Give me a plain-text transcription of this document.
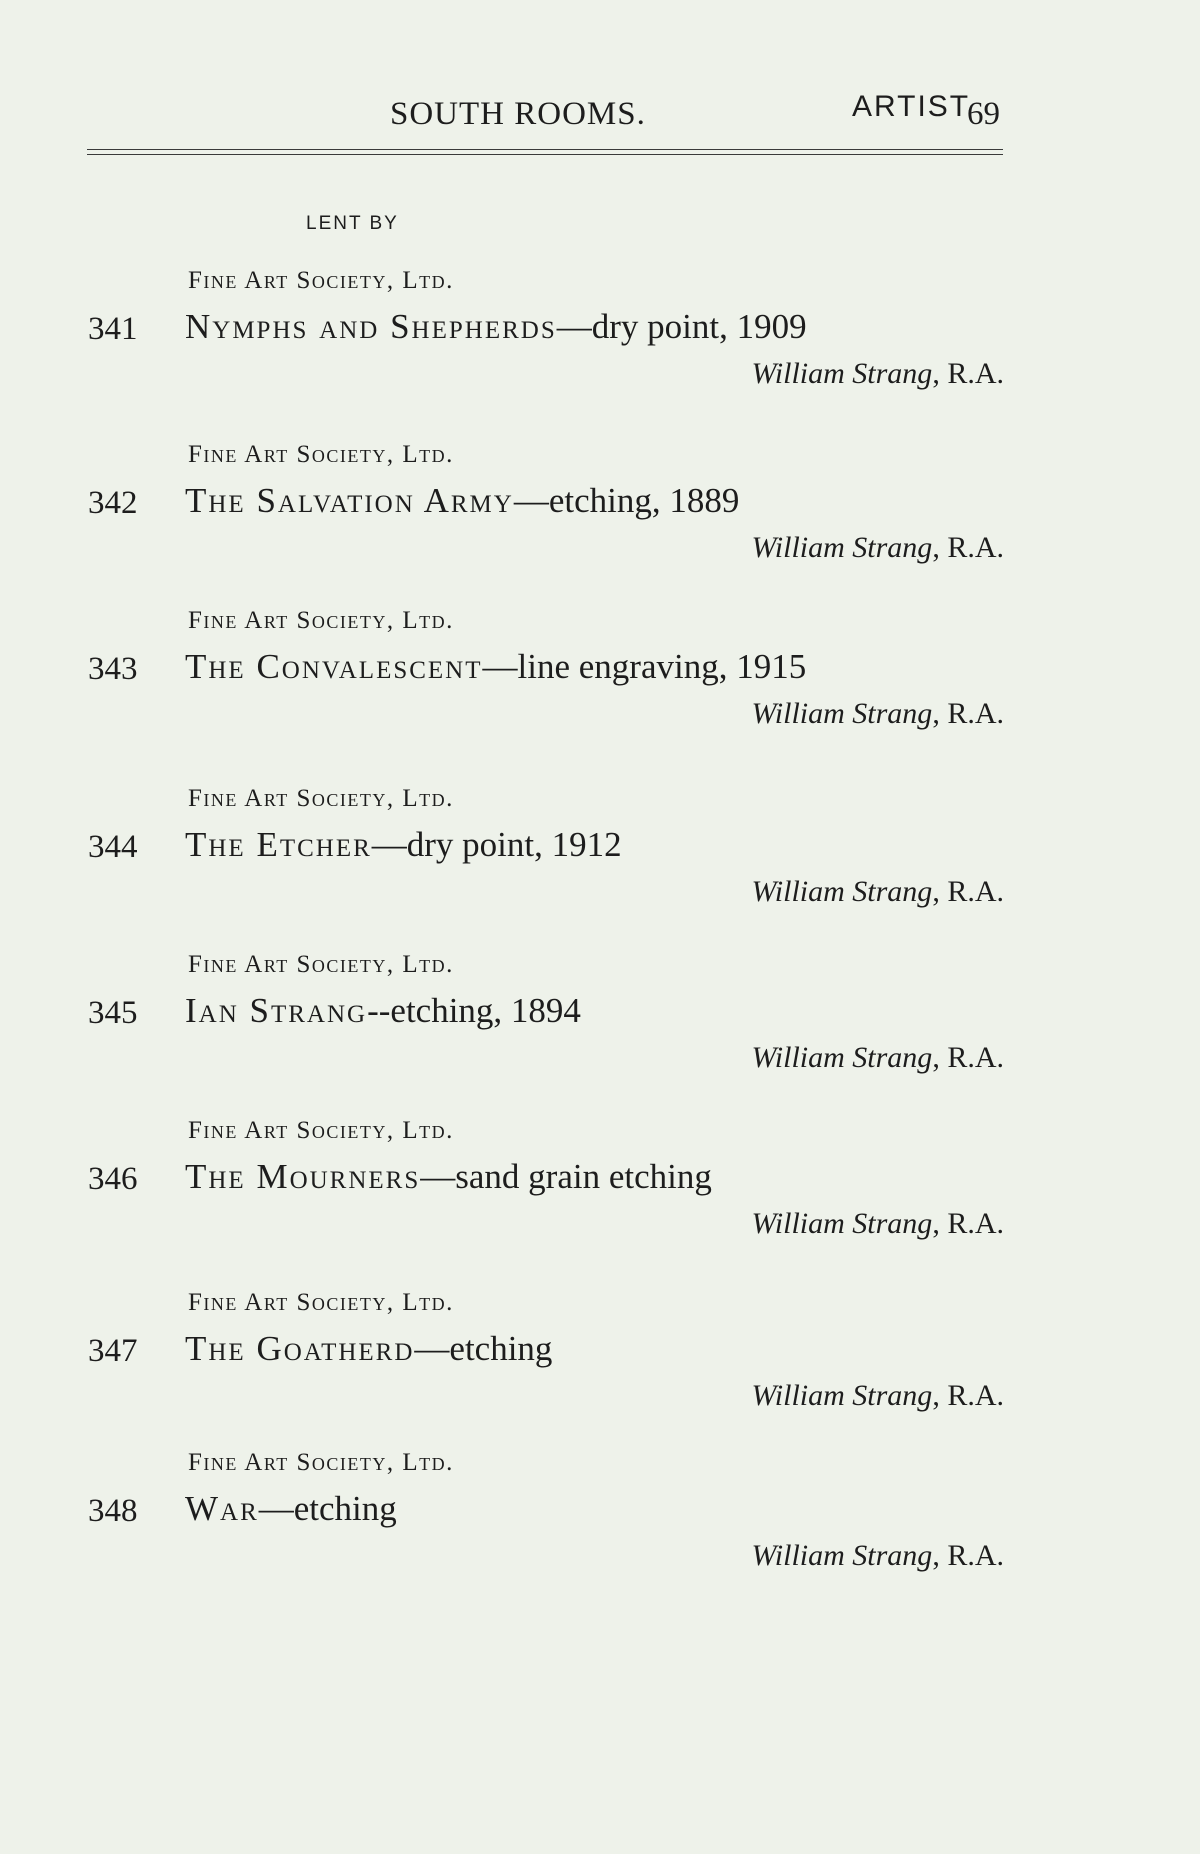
SOUTH ROOMS.	69
LENT BY
ARTIST
Fine Art Society, Ltd.
341 Nymphs and Shepherds—dry point, 1909
William Strang, R.A.
Fine Art Society, Ltd.
342 The Salvation Army—etching, 1889
William Strang, R.A.
Fine Art Society, Ltd.
343 The Convalescent—line engraving, 1915
William Strang, R.A.
Fine Art Society, Ltd.
344 The Etcher—dry point, 1912
William Strang, R.A.
Fine Art Society, Ltd.
345 Ian Strang--etching, 1894
William Strang, R.A.
Fine Art Society, Ltd.
346 The Mourners—sand grain etching
William Strang, R.A.
Fine Art Society, Ltd.
347 The Goatherd—etching
William Strang, R.A.
Fine Art Society, Ltd.
348 War—etching
William Strang, R.A.
